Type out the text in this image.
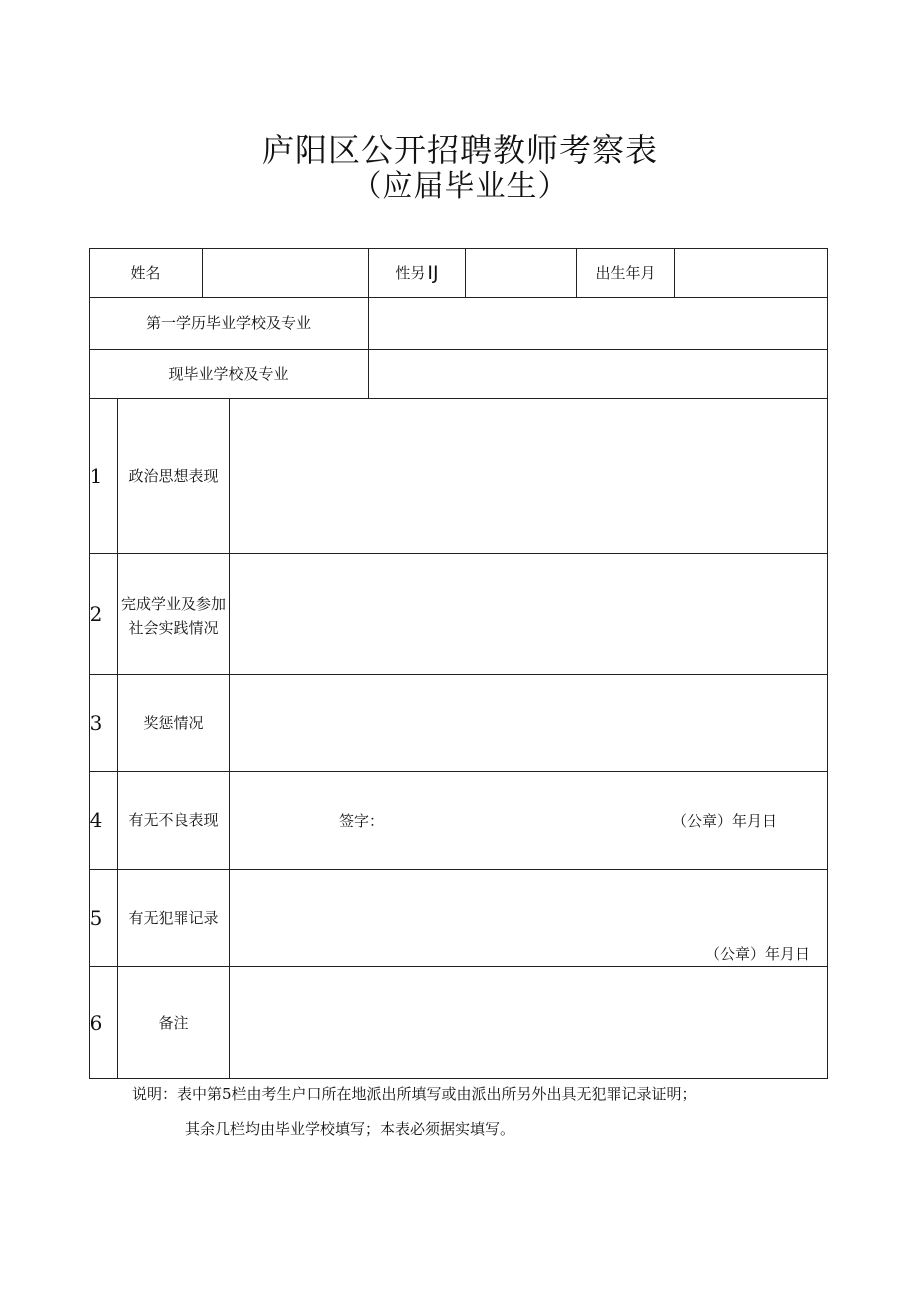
庐阳区公开招聘教师考察表
（应届毕业生）
姓名	性另 IJ	出生年月
第一学历毕业学校及专业
现毕业学校及专业
1	政治思想表现
2 完成学业及参加社会实践情况
3	奖惩情况
4	有无不良表现	签字：	（公章）年月日
5	有无犯罪记录
（公章）年月日
6	备注
说明：表中第5栏由考生户口所在地派出所填写或由派出所另外出具无犯罪记录证明；
其余几栏均由毕业学校填写；本表必须据实填写。
